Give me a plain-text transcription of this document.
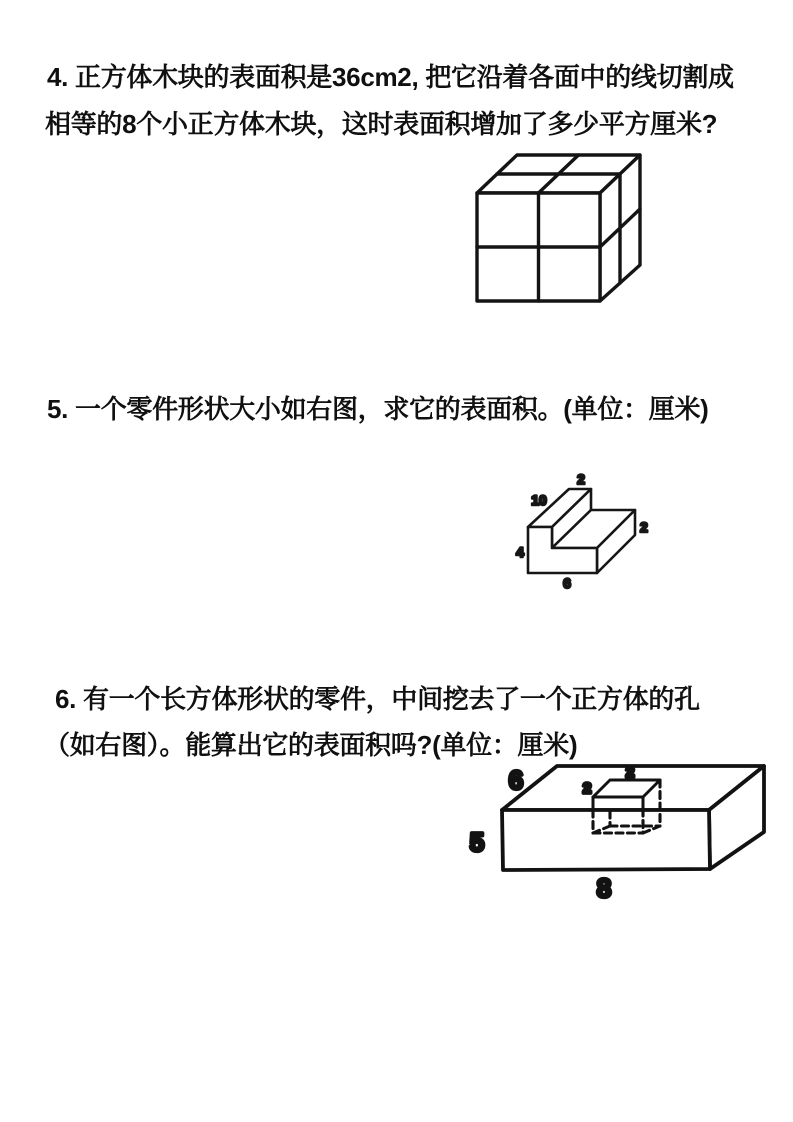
4. 正方体木块的表面积是36cm2, 把它沿着各面中的线切割成
相等的8个小正方体木块，这时表面积增加了多少平方厘米?
5. 一个零件形状大小如右图，求它的表面积。(单位：厘米)
2
10
2
4
6
6. 有一个长方体形状的零件，中间挖去了一个正方体的孔
（如右图）。能算出它的表面积吗?(单位：厘米)
6
5
8
2
2
